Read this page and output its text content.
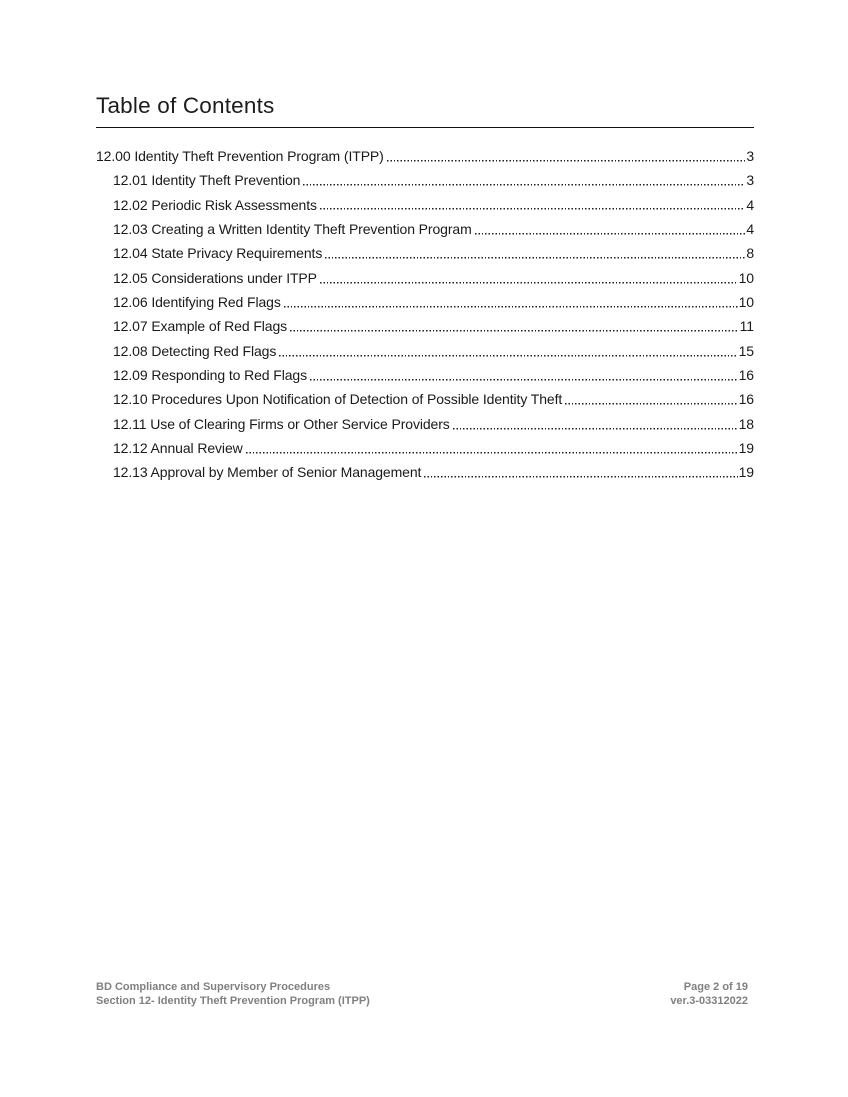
Table of Contents
12.00 Identity Theft Prevention Program (ITPP)	3
12.01 Identity Theft Prevention	3
12.02 Periodic Risk Assessments	4
12.03 Creating a Written Identity Theft Prevention Program	4
12.04 State Privacy Requirements	8
12.05 Considerations under ITPP	10
12.06 Identifying Red Flags	10
12.07 Example of Red Flags	11
12.08 Detecting Red Flags	15
12.09 Responding to Red Flags	16
12.10 Procedures Upon Notification of Detection of Possible Identity Theft	16
12.11 Use of Clearing Firms or Other Service Providers	18
12.12 Annual Review	19
12.13 Approval by Member of Senior Management	19
BD Compliance and Supervisory Procedures
Section 12- Identity Theft Prevention Program (ITPP)
Page 2 of 19
ver.3-03312022
